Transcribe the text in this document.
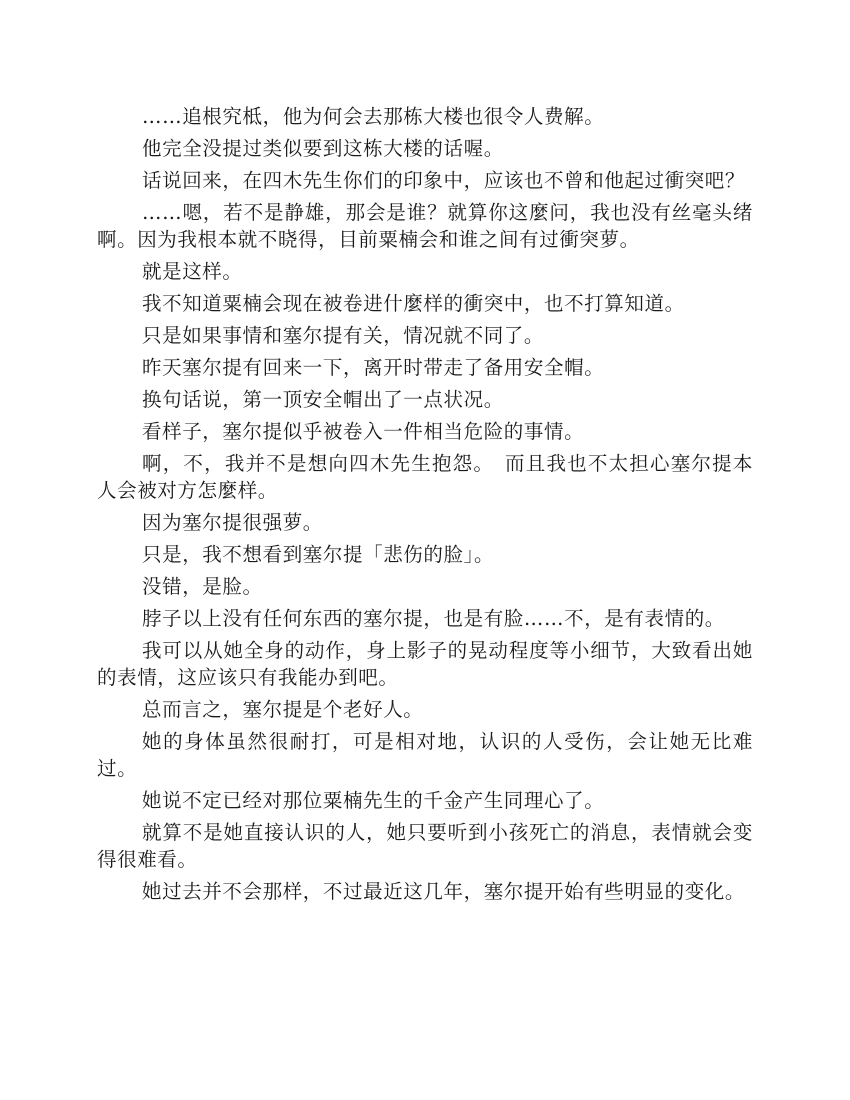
……追根究柢，他为何会去那栋大楼也很令人费解。

他完全没提过类似要到这栋大楼的话喔。

话说回来，在四木先生你们的印象中，应该也不曾和他起过衝突吧？

……嗯，若不是静雄，那会是谁？就算你这麼问，我也没有丝毫头绪啊。因为我根本就不晓得，目前粟楠会和谁之间有过衝突萝。

就是这样。

我不知道粟楠会现在被卷进什麼样的衝突中，也不打算知道。

只是如果事情和塞尔提有关，情况就不同了。

昨天塞尔提有回来一下，离开时带走了备用安全帽。

换句话说，第一顶安全帽出了一点状况。

看样子，塞尔提似乎被卷入一件相当危险的事情。

啊，不，我并不是想向四木先生抱怨。　而且我也不太担心塞尔提本人会被对方怎麼样。

因为塞尔提很强萝。

只是，我不想看到塞尔提「悲伤的脸」。

没错，是脸。

脖子以上没有任何东西的塞尔提，也是有脸……不，是有表情的。

我可以从她全身的动作，身上影子的晃动程度等小细节，大致看出她的表情，这应该只有我能办到吧。

总而言之，塞尔提是个老好人。

她的身体虽然很耐打，可是相对地，认识的人受伤，会让她无比难过。

她说不定已经对那位粟楠先生的千金产生同理心了。

就算不是她直接认识的人，她只要听到小孩死亡的消息，表情就会变得很难看。

她过去并不会那样，不过最近这几年，塞尔提开始有些明显的变化。
